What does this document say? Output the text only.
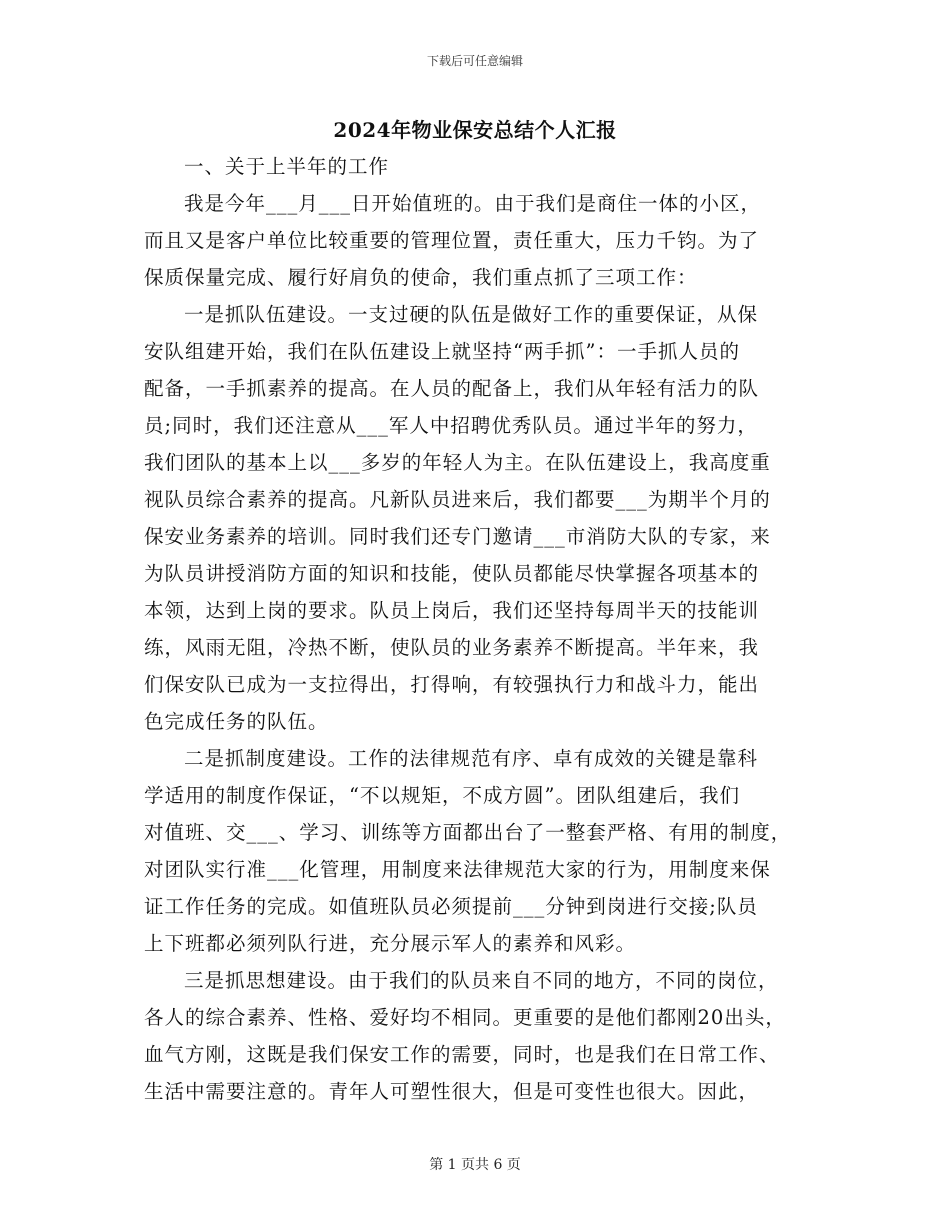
下载后可任意编辑
2024年物业保安总结个人汇报
一、关于上半年的工作
我是今年___月___日开始值班的。由于我们是商住一体的小区，
而且又是客户单位比较重要的管理位置，责任重大，压力千钧。为了
保质保量完成、履行好肩负的使命，我们重点抓了三项工作：
一是抓队伍建设。一支过硬的队伍是做好工作的重要保证，从保
安队组建开始，我们在队伍建设上就坚持“两手抓”：一手抓人员的
配备，一手抓素养的提高。在人员的配备上，我们从年轻有活力的队
员;同时，我们还注意从___军人中招聘优秀队员。通过半年的努力，
我们团队的基本上以___多岁的年轻人为主。在队伍建设上，我高度重
视队员综合素养的提高。凡新队员进来后，我们都要___为期半个月的
保安业务素养的培训。同时我们还专门邀请___市消防大队的专家，来
为队员讲授消防方面的知识和技能，使队员都能尽快掌握各项基本的
本领，达到上岗的要求。队员上岗后，我们还坚持每周半天的技能训
练，风雨无阻，冷热不断，使队员的业务素养不断提高。半年来，我
们保安队已成为一支拉得出，打得响，有较强执行力和战斗力，能出
色完成任务的队伍。
二是抓制度建设。工作的法律规范有序、卓有成效的关键是靠科
学适用的制度作保证，“不以规矩，不成方圆”。团队组建后，我们
对值班、交___、学习、训练等方面都出台了一整套严格、有用的制度，
对团队实行准___化管理，用制度来法律规范大家的行为，用制度来保
证工作任务的完成。如值班队员必须提前___分钟到岗进行交接;队员
上下班都必须列队行进，充分展示军人的素养和风彩。
三是抓思想建设。由于我们的队员来自不同的地方，不同的岗位，
各人的综合素养、性格、爱好均不相同。更重要的是他们都刚20出头，
血气方刚，这既是我们保安工作的需要，同时，也是我们在日常工作、
生活中需要注意的。青年人可塑性很大，但是可变性也很大。因此，
第 1 页共 6 页
